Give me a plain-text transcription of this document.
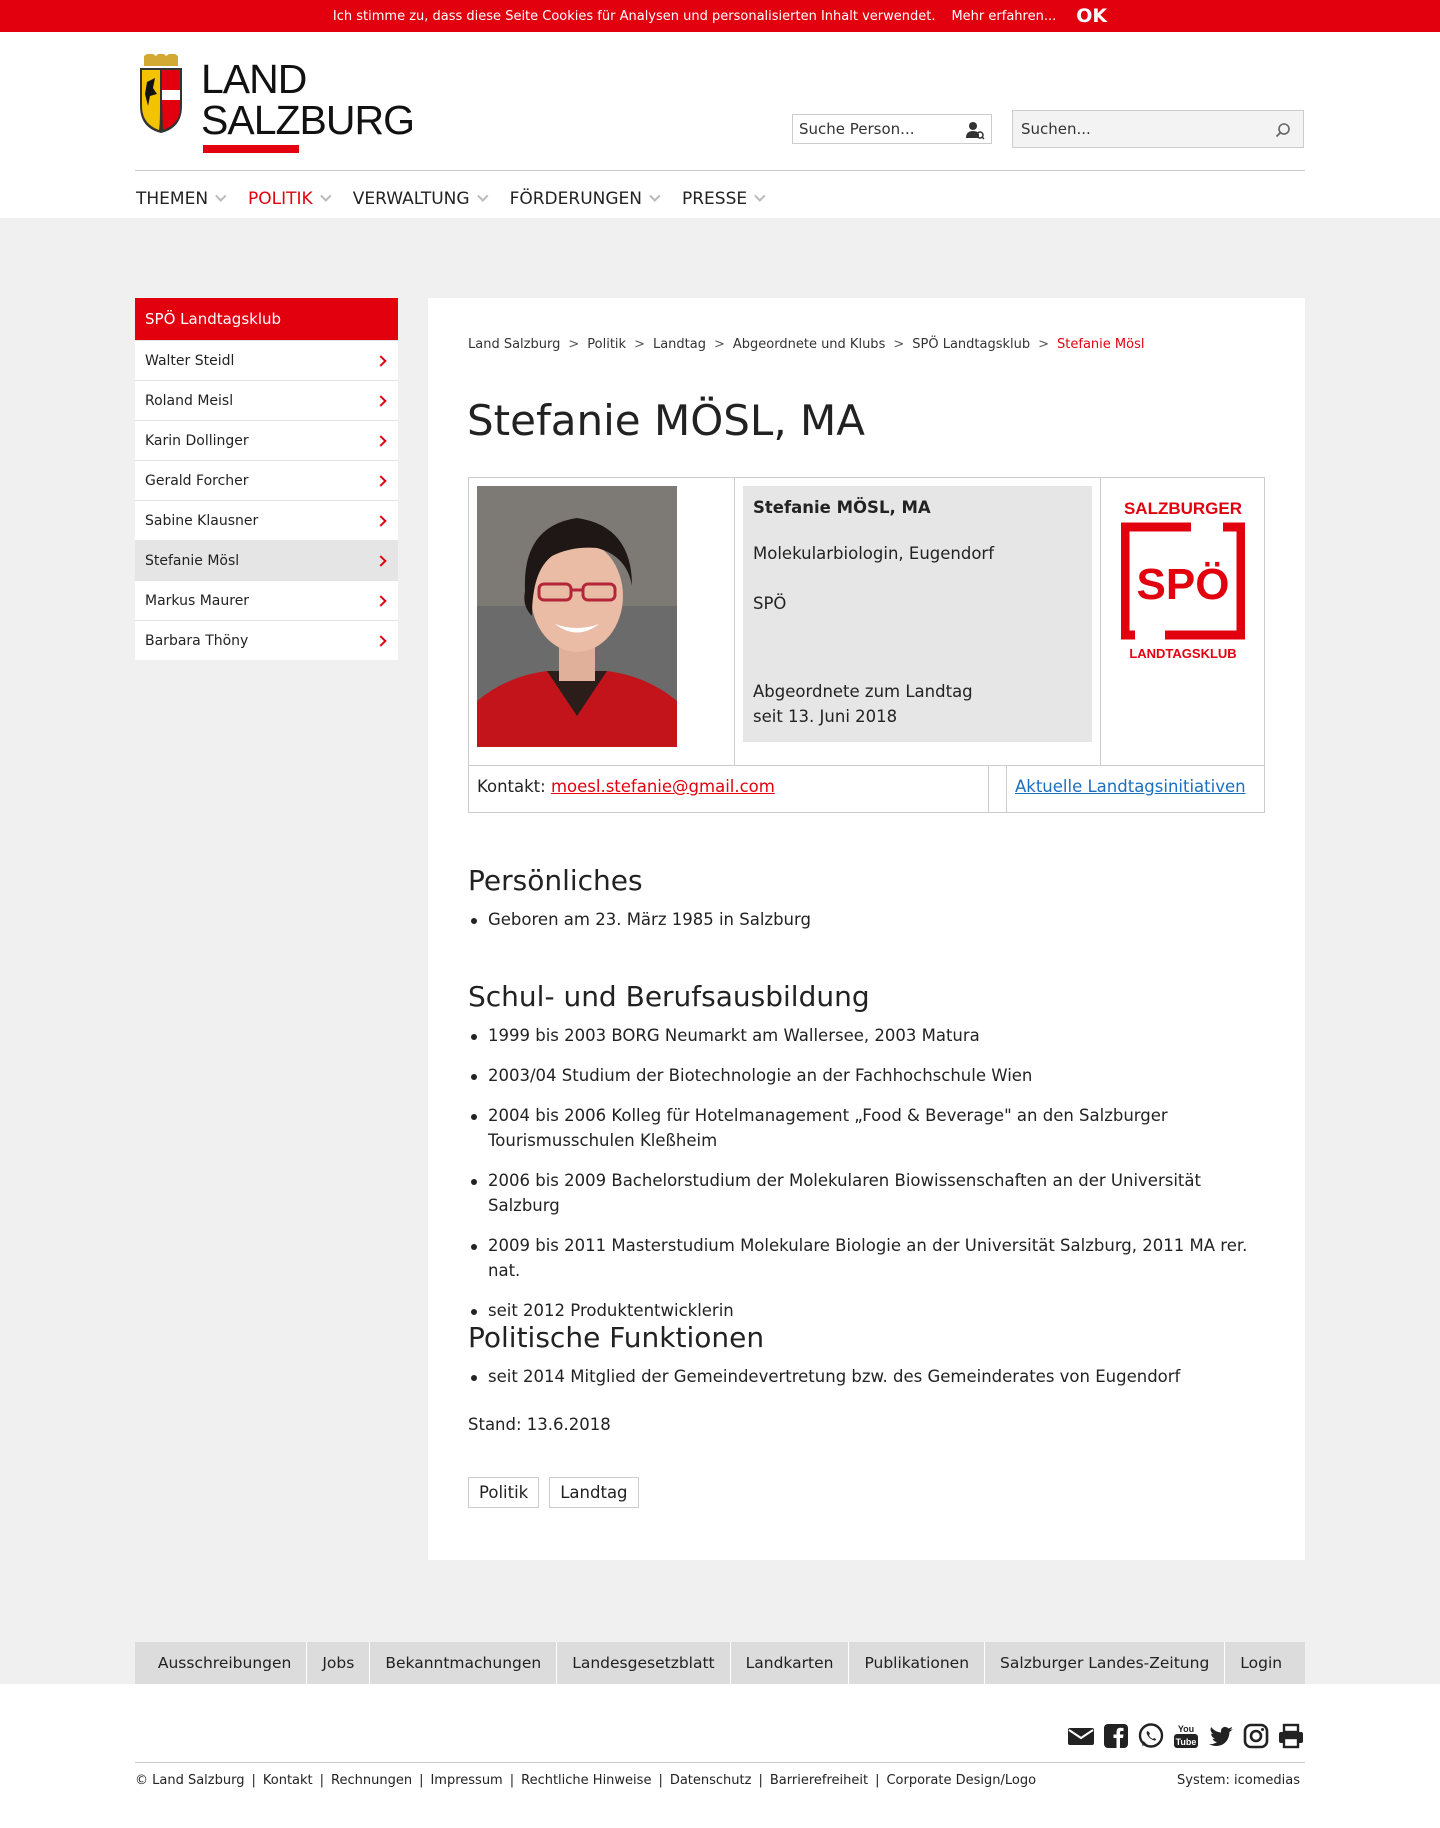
Ich stimme zu, dass diese Seite Cookies für Analysen und personalisierten Inhalt verwendet. Mehr erfahren... OK
LAND
SALZBURG
Suche Person...
Suchen...
THEMEN POLITIK VERWALTUNG FÖRDERUNGEN PRESSE
SPÖ Landtagsklub
Walter Steidl
Roland Meisl
Karin Dollinger
Gerald Forcher
Sabine Klausner
Stefanie Mösl
Markus Maurer
Barbara Thöny
Land Salzburg > Politik > Landtag > Abgeordnete und Klubs > SPÖ Landtagsklub > Stefanie Mösl
Stefanie MÖSL, MA
Stefanie MÖSL, MA
Molekularbiologin, Eugendorf
SPÖ
Abgeordnete zum Landtag
seit 13. Juni 2018
SALZBURGER
SPÖ
LANDTAGSKLUB
Kontakt: moesl.stefanie@gmail.com	Aktuelle Landtagsinitiativen
Persönliches
Geboren am 23. März 1985 in Salzburg
Schul- und Berufsausbildung
1999 bis 2003 BORG Neumarkt am Wallersee, 2003 Matura
2003/04 Studium der Biotechnologie an der Fachhochschule Wien
2004 bis 2006 Kolleg für Hotelmanagement „Food & Beverage" an den Salzburger Tourismusschulen Kleßheim
2006 bis 2009 Bachelorstudium der Molekularen Biowissenschaften an der Universität Salzburg
2009 bis 2011 Masterstudium Molekulare Biologie an der Universität Salzburg, 2011 MA rer. nat.
seit 2012 Produktentwicklerin
Politische Funktionen
seit 2014 Mitglied der Gemeindevertretung bzw. des Gemeinderates von Eugendorf
Stand: 13.6.2018
Politik	Landtag
Ausschreibungen	Jobs	Bekanntmachungen	Landesgesetzblatt	Landkarten	Publikationen	Salzburger Landes-Zeitung	Login
You
Tube
© Land Salzburg | Kontakt | Rechnungen | Impressum | Rechtliche Hinweise | Datenschutz | Barrierefreiheit | Corporate Design/Logo	System: icomedias
